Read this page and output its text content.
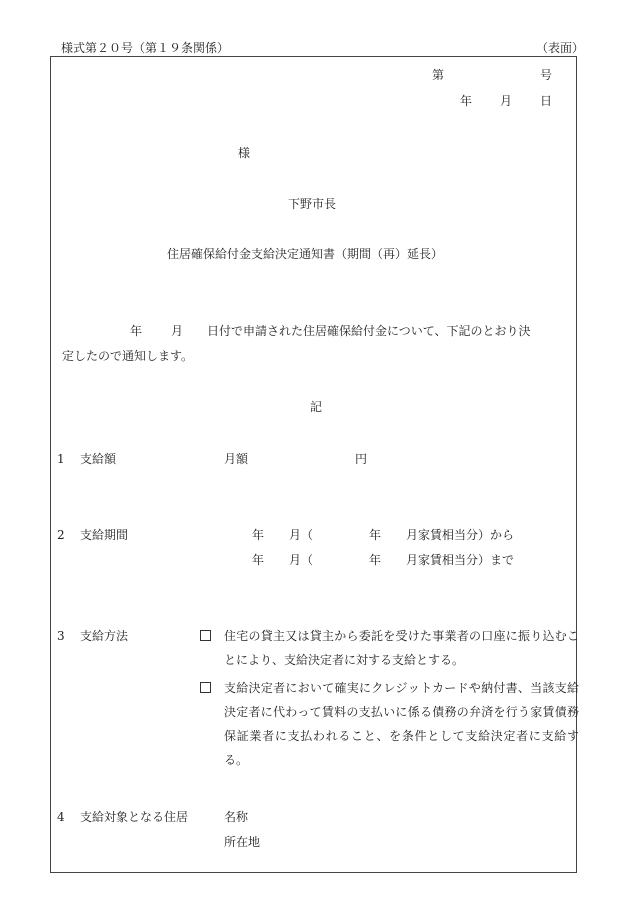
様式第２０号（第１９条関係）	（表面）
第	号
年 月 日
様
下野市長
住居確保給付金支給決定通知書（期間（再）延長）
年 月 日付で申請された住居確保給付金について、下記のとおり決
定したので通知します。
記
1 支給額	月額	円
2 支給期間	年 月（	年 月家賃相当分）から
年 月（	年 月家賃相当分）まで
3 支給方法	住宅の貸主又は貸主から委託を受けた事業者の口座に振り込むことにより、支給決定者に対する支給とする。
支給決定者において確実にクレジットカードや納付書、当該支給決定者に代わって賃料の支払いに係る債務の弁済を行う家賃債務保証業者に支払われること、を条件として支給決定者に支給する。
4 支給対象となる住居	名称
所在地
